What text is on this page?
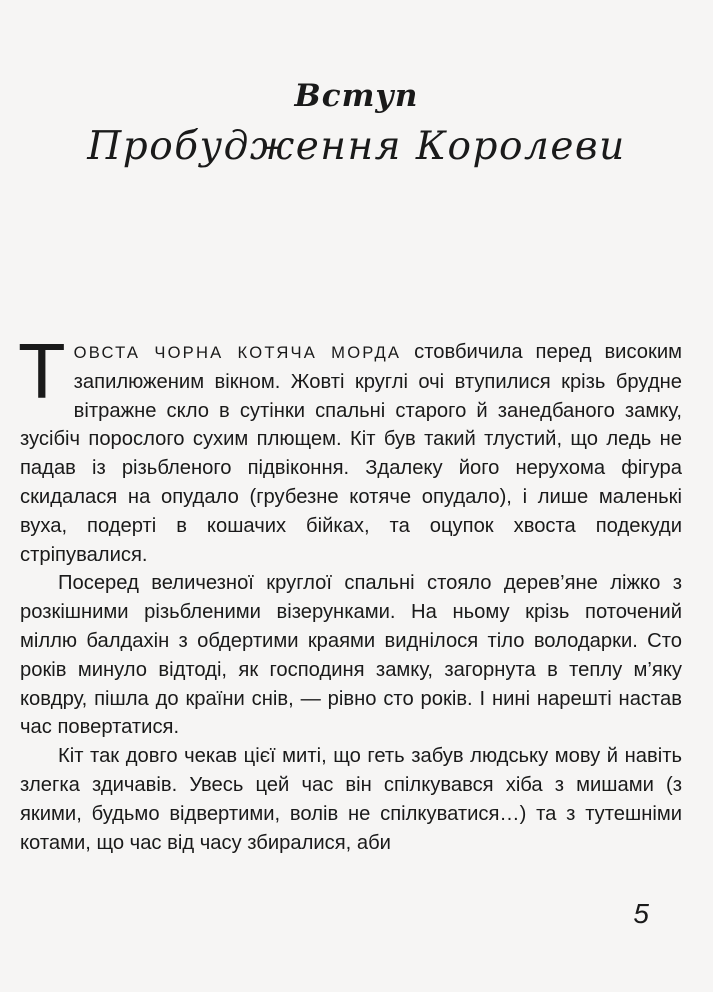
Вступ
Пробудження Королеви

ТОВСТА ЧОРНА КОТЯЧА МОРДА стовбичила перед високим запилюженим вікном. Жовті круглі очі втупилися крізь брудне вітражне скло в сутінки спальні старого й занедбаного замку, зусібіч порослого сухим плющем. Кіт був такий тлустий, що ледь не падав із різьбленого підвіконня. Здалеку його нерухома фігура скидалася на опудало (грубезне котяче опудало), і лише маленькі вуха, подерті в кошачих бійках, та оцупок хвоста подекуди стріпувалися.

Посеред величезної круглої спальні стояло дерев’яне ліжко з розкішними різьбленими візерунками. На ньому крізь поточений міллю балдахін з обдертими краями виднілося тіло володарки. Сто років минуло відтоді, як господиня замку, загорнута в теплу м’яку ковдру, пішла до країни снів, — рівно сто років. І нині нарешті настав час повертатися.

Кіт так довго чекав цієї миті, що геть забув людську мову й навіть злегка здичавів. Увесь цей час він спілкувався хіба з мишами (з якими, будьмо відвертими, волів не спілкуватися…) та з тутешніми котами, що час від часу збиралися, аби

5
